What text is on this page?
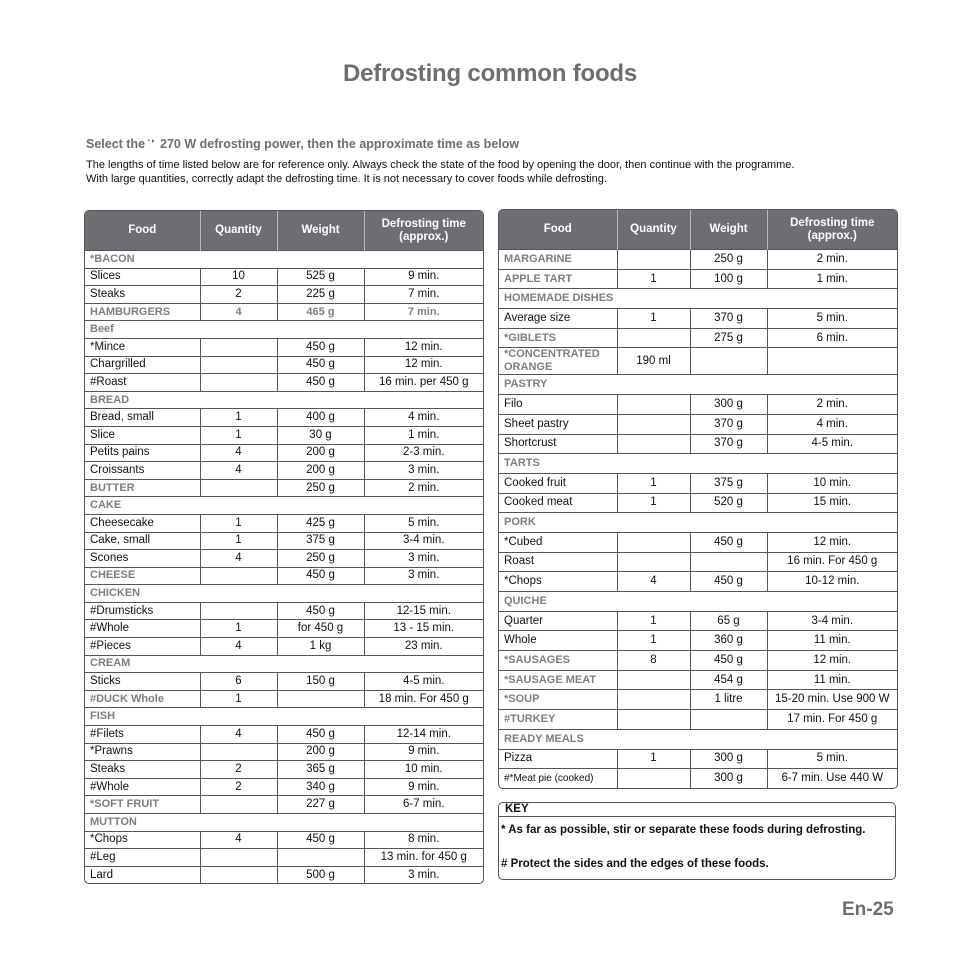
Defrosting common foods
Select the◔◑ 270 W defrosting power, then the approximate time as below
The lengths of time listed below are for reference only. Always check the state of the food by opening the door, then continue with the programme.
With large quantities, correctly adapt the defrosting time. It is not necessary to cover foods while defrosting.
Food	Quantity	Weight	Defrosting time (approx.)
*BACON			
Slices	10	525 g	9 min.
Steaks	2	225 g	7 min.
HAMBURGERS	4	465 g	7 min.
Beef			
*Mince		450 g	12 min.
Chargrilled		450 g	12 min.
#Roast		450 g	16 min. per 450 g
BREAD			
Bread, small	1	400 g	4 min.
Slice	1	30 g	1 min.
Petits pains	4	200 g	2-3 min.
Croissants	4	200 g	3 min.
BUTTER		250 g	2 min.
CAKE			
Cheesecake	1	425 g	5 min.
Cake, small	1	375 g	3-4 min.
Scones	4	250 g	3 min.
CHEESE		450 g	3 min.
CHICKEN			
#Drumsticks		450 g	12-15 min.
#Whole	1	for 450 g	13 - 15 min.
#Pieces	4	1 kg	23 min.
CREAM			
Sticks	6	150 g	4-5 min.
#DUCK Whole	1		18 min. For 450 g
FISH			
#Filets	4	450 g	12-14 min.
*Prawns		200 g	9 min.
Steaks	2	365 g	10 min.
#Whole	2	340 g	9 min.
*SOFT FRUIT		227 g	6-7 min.
MUTTON			
*Chops	4	450 g	8 min.
#Leg			13 min. for 450 g
Lard		500 g	3 min.
Food	Quantity	Weight	Defrosting time (approx.)
MARGARINE		250 g	2 min.
APPLE TART	1	100 g	1 min.
HOMEMADE DISHES			
Average size	1	370 g	5 min.
*GIBLETS		275 g	6 min.
*CONCENTRATED ORANGE	190 ml		
PASTRY			
Filo		300 g	2 min.
Sheet pastry		370 g	4 min.
Shortcrust		370 g	4-5 min.
TARTS			
Cooked fruit	1	375 g	10 min.
Cooked meat	1	520 g	15 min.
PORK			
*Cubed		450 g	12 min.
Roast			16 min. For 450 g
*Chops	4	450 g	10-12 min.
QUICHE			
Quarter	1	65 g	3-4 min.
Whole	1	360 g	11 min.
*SAUSAGES	8	450 g	12 min.
*SAUSAGE MEAT		454 g	11 min.
*SOUP		1 litre	15-20 min. Use 900 W
#TURKEY			17 min. For 450 g
READY MEALS			
Pizza	1	300 g	5 min.
#*Meat pie (cooked)		300 g	6-7 min. Use 440 W
KEY
* As far as possible, stir or separate these foods during defrosting.
# Protect the sides and the edges of these foods.
En-25
